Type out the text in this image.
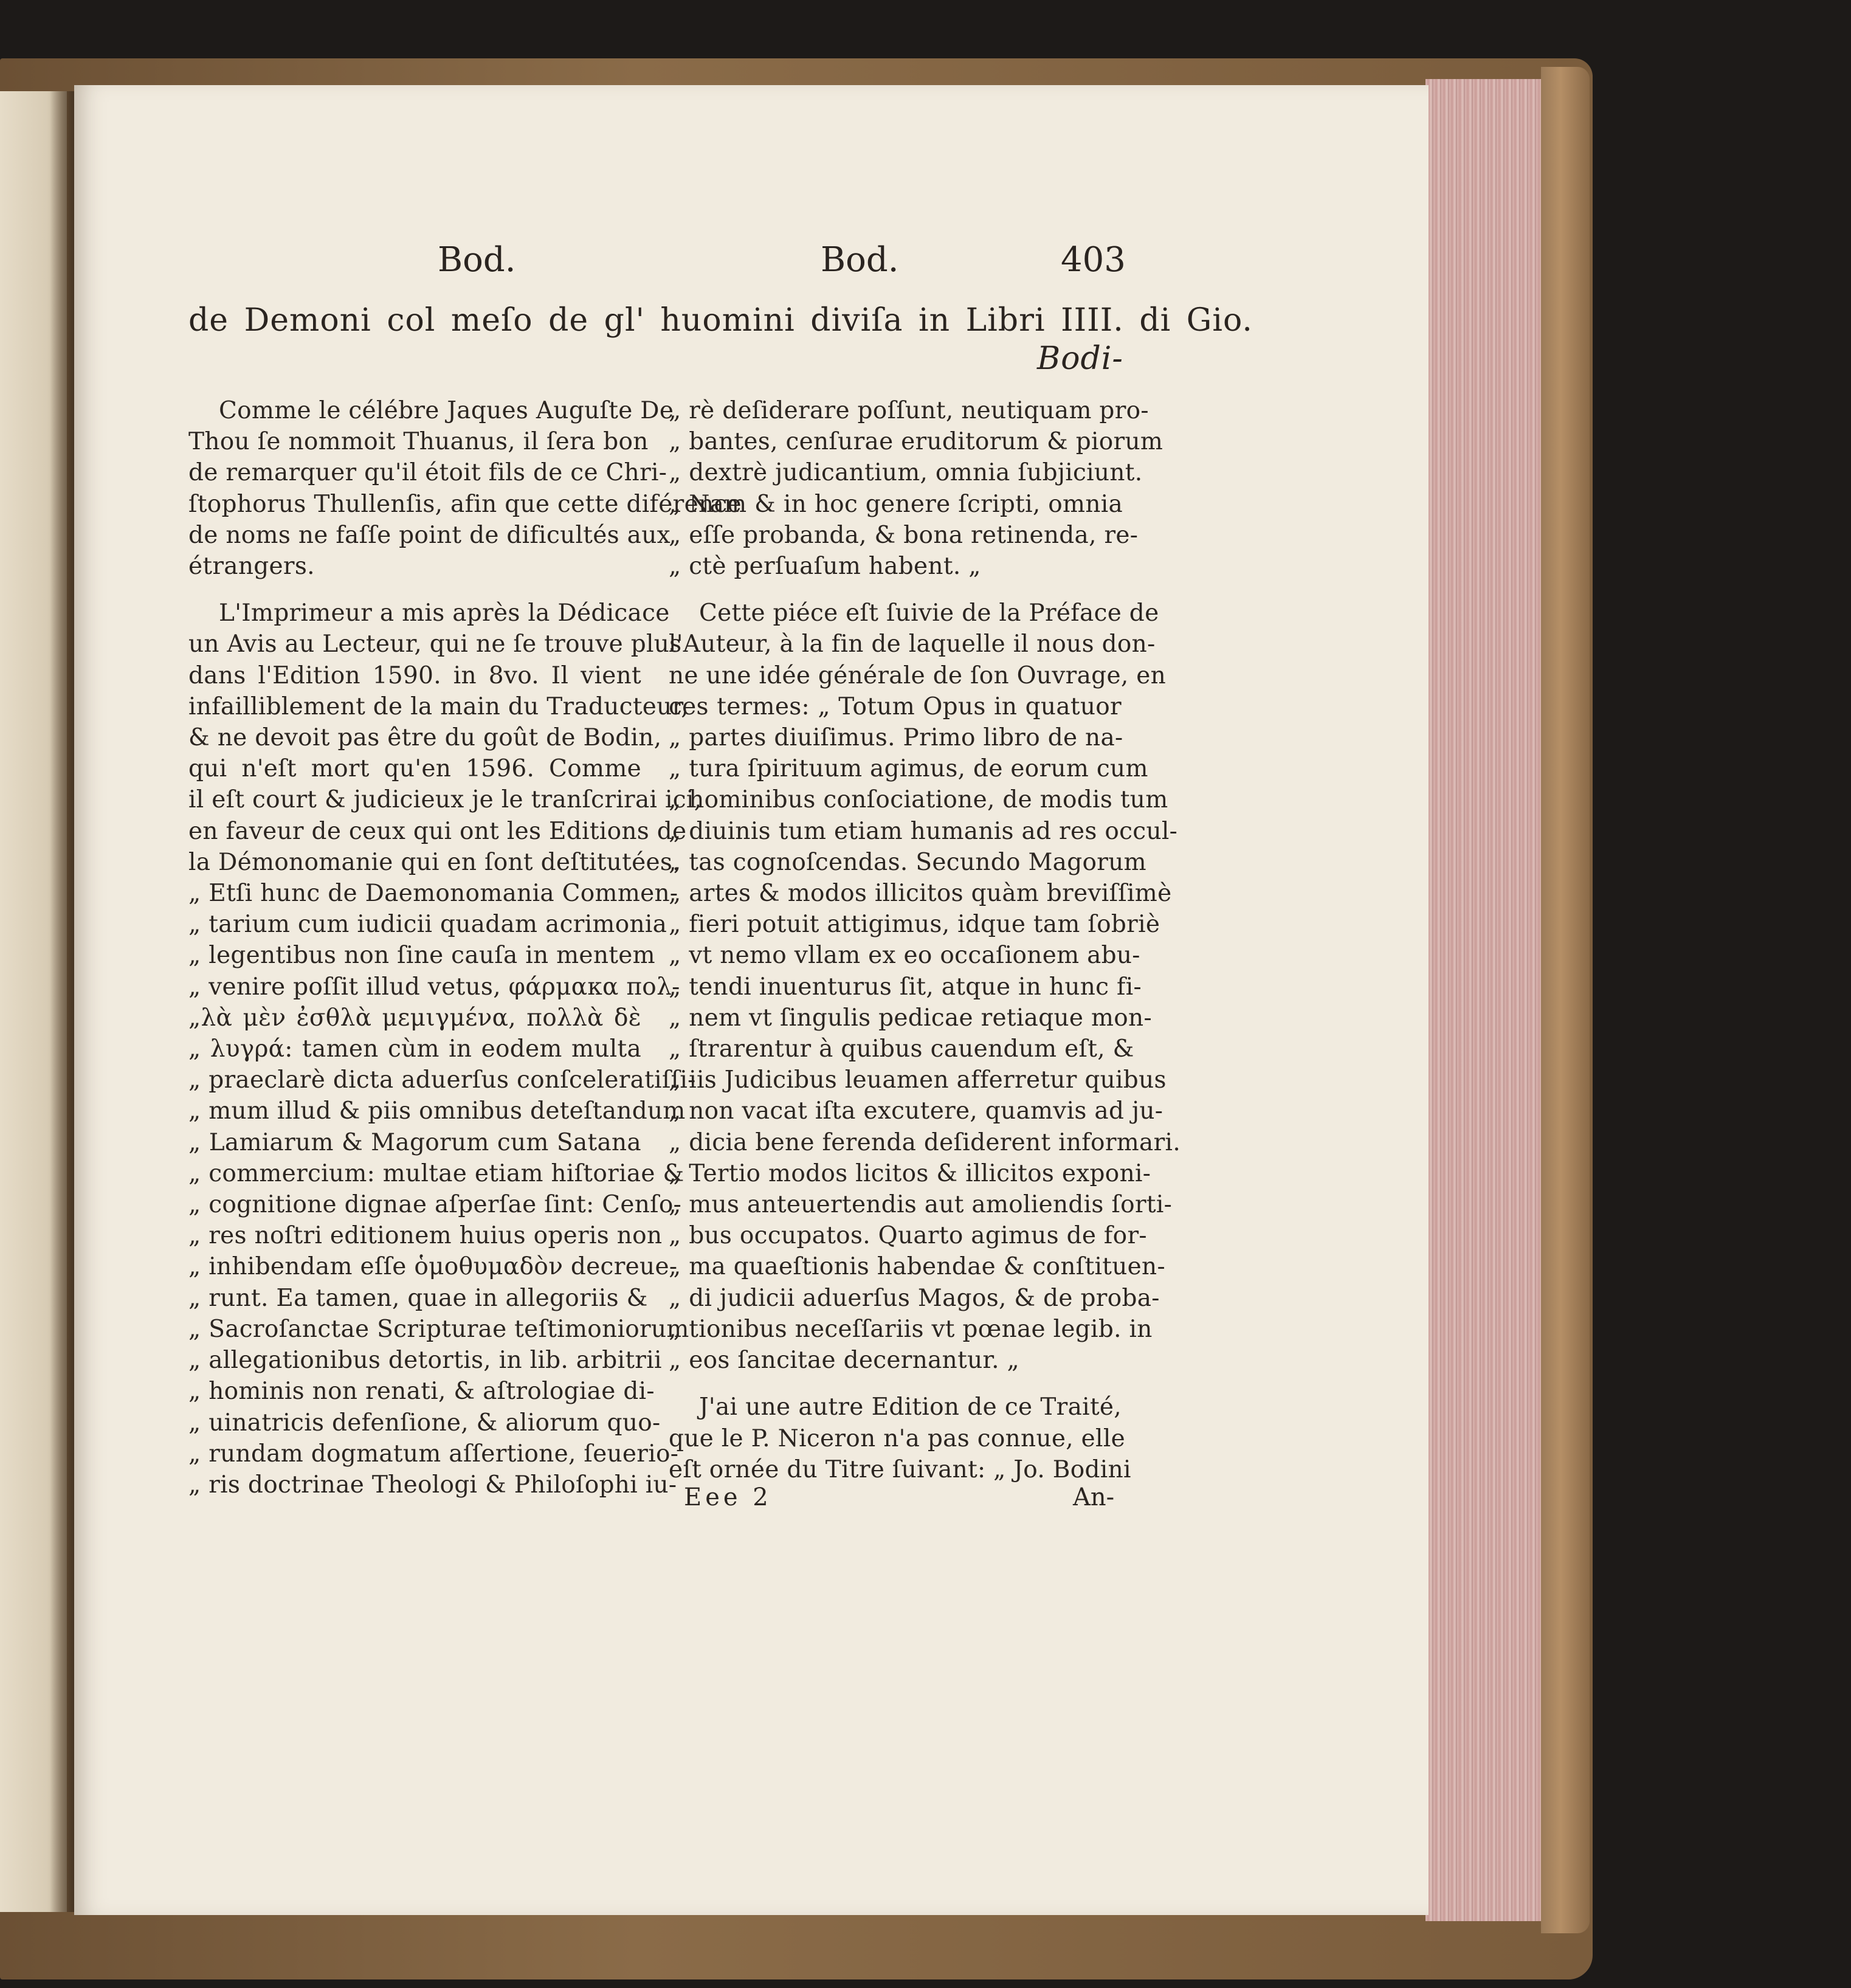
Bod.	Bod.	403
de Demoni col meſo de gl' huomini diviſa in Libri IIII. di Gio.
Bodi-
Comme le célébre Jaques Auguſte De
Thou ſe nommoit Thuanus, il ſera bon
de remarquer qu'il étoit fils de ce Chri-
ſtophorus Thullenſis, afin que cette diférence
de noms ne faſſe point de dificultés aux
étrangers.
L'Imprimeur a mis après la Dédicace
un Avis au Lecteur, qui ne ſe trouve plus
dans l'Edition 1590. in 8vo. Il vient
infailliblement de la main du Traducteur,
& ne devoit pas être du goût de Bodin,
qui n'eſt mort qu'en 1596. Comme
il eſt court & judicieux je le tranſcrirai ici,
en faveur de ceux qui ont les Editions de
la Démonomanie qui en ſont deſtitutées.
„ Etſi hunc de Daemonomania Commen-
„ tarium cum iudicii quadam acrimonia
„ legentibus non ſine cauſa in mentem
„ venire poſſit illud vetus, φάρμακα πολ-
„λὰ μὲν ἐσθλὰ μεμιγμένα, πολλὰ δὲ
„ λυγρά: tamen cùm in eodem multa
„ praeclarè dicta aduerſus conſceleratiſſi-
„ mum illud & piis omnibus deteſtandum
„ Lamiarum & Magorum cum Satana
„ commercium: multae etiam hiſtoriae &
„ cognitione dignae aſperſae ſint: Cenſo-
„ res noſtri editionem huius operis non
„ inhibendam eſſe ὁμοθυμαδὸν decreue-
„ runt. Ea tamen, quae in allegoriis &
„ Sacroſanctae Scripturae teſtimoniorum
„ allegationibus detortis, in lib. arbitrii
„ hominis non renati, & aſtrologiae di-
„ uinatricis defenſione, & aliorum quo-
„ rundam dogmatum aſſertione, ſeuerio-
„ ris doctrinae Theologi & Philoſophi iu-
„ rè deſiderare poſſunt, neutiquam pro-
„ bantes, cenſurae eruditorum & piorum
„ dextrè judicantium, omnia ſubjiciunt.
„ Nam & in hoc genere ſcripti, omnia
„ eſſe probanda, & bona retinenda, re-
„ ctè perſuaſum habent. „
Cette piéce eſt ſuivie de la Préface de
l'Auteur, à la fin de laquelle il nous don-
ne une idée générale de ſon Ouvrage, en
ces termes: „ Totum Opus in quatuor
„ partes diuiſimus. Primo libro de na-
„ tura ſpirituum agimus, de eorum cum
„ hominibus conſociatione, de modis tum
„ diuinis tum etiam humanis ad res occul-
„ tas cognoſcendas. Secundo Magorum
„ artes & modos illicitos quàm breviſſimè
„ fieri potuit attigimus, idque tam ſobriè
„ vt nemo vllam ex eo occaſionem abu-
„ tendi inuenturus ſit, atque in hunc fi-
„ nem vt ſingulis pedicae retiaque mon-
„ ſtrarentur à quibus cauendum eſt, &
„ iis Judicibus leuamen afferretur quibus
„ non vacat iſta excutere, quamvis ad ju-
„ dicia bene ferenda deſiderent informari.
„ Tertio modos licitos & illicitos exponi-
„ mus anteuertendis aut amoliendis ſorti-
„ bus occupatos. Quarto agimus de for-
„ ma quaeſtionis habendae & conſtituen-
„ di judicii aduerſus Magos, & de proba-
„ tionibus neceſſariis vt pœnae legib. in
„ eos ſancitae decernantur. „
J'ai une autre Edition de ce Traité,
que le P. Niceron n'a pas connue, elle
eſt ornée du Titre ſuivant: „ Jo. Bodini
Eee 2	An-
